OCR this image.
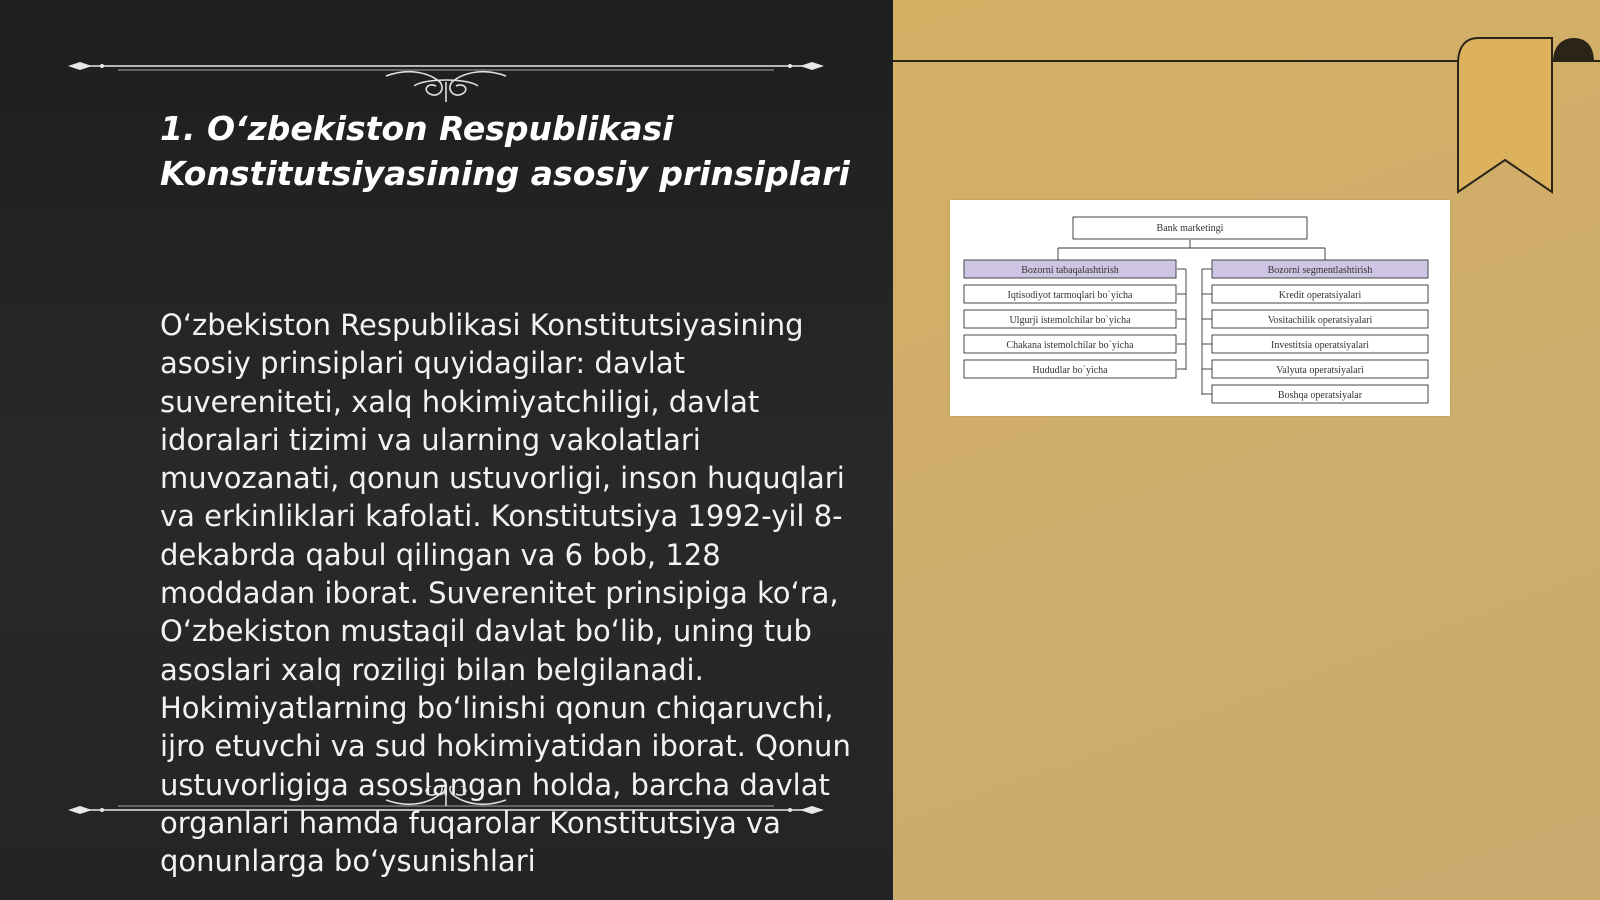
1. O‘zbekiston Respublikasi Konstitutsiyasining asosiy prinsiplari

O‘zbekiston Respublikasi Konstitutsiyasining asosiy prinsiplari quyidagilar: davlat suvereniteti, xalq hokimiyatchiligi, davlat idoralari tizimi va ularning vakolatlari muvozanati, qonun ustuvorligi, inson huquqlari va erkinliklari kafolati. Konstitutsiya 1992-yil 8-dekabrda qabul qilingan va 6 bob, 128 moddadan iborat. Suverenitet prinsipiga ko‘ra, O‘zbekiston mustaqil davlat bo‘lib, uning tub asoslari xalq roziligi bilan belgilanadi. Hokimiyatlarning bo‘linishi qonun chiqaruvchi, ijro etuvchi va sud hokimiyatidan iborat. Qonun ustuvorligiga asoslangan holda, barcha davlat organlari hamda fuqarolar Konstitutsiya va qonunlarga bo‘ysunishlari

Bank marketingi
Bozorni tabaqalashtirish	Bozorni segmentlashtirish
Iqtisodiyot tarmoqlari bo`yicha
Ulgurji istemolchilar bo`yicha
Chakana istemolchilar bo`yicha
Hududlar bo`yicha
Kredit operatsiyalari
Vositachilik operatsiyalari
Investitsia operatsiyalari
Valyuta operatsiyalari
Boshqa operatsiyalar
